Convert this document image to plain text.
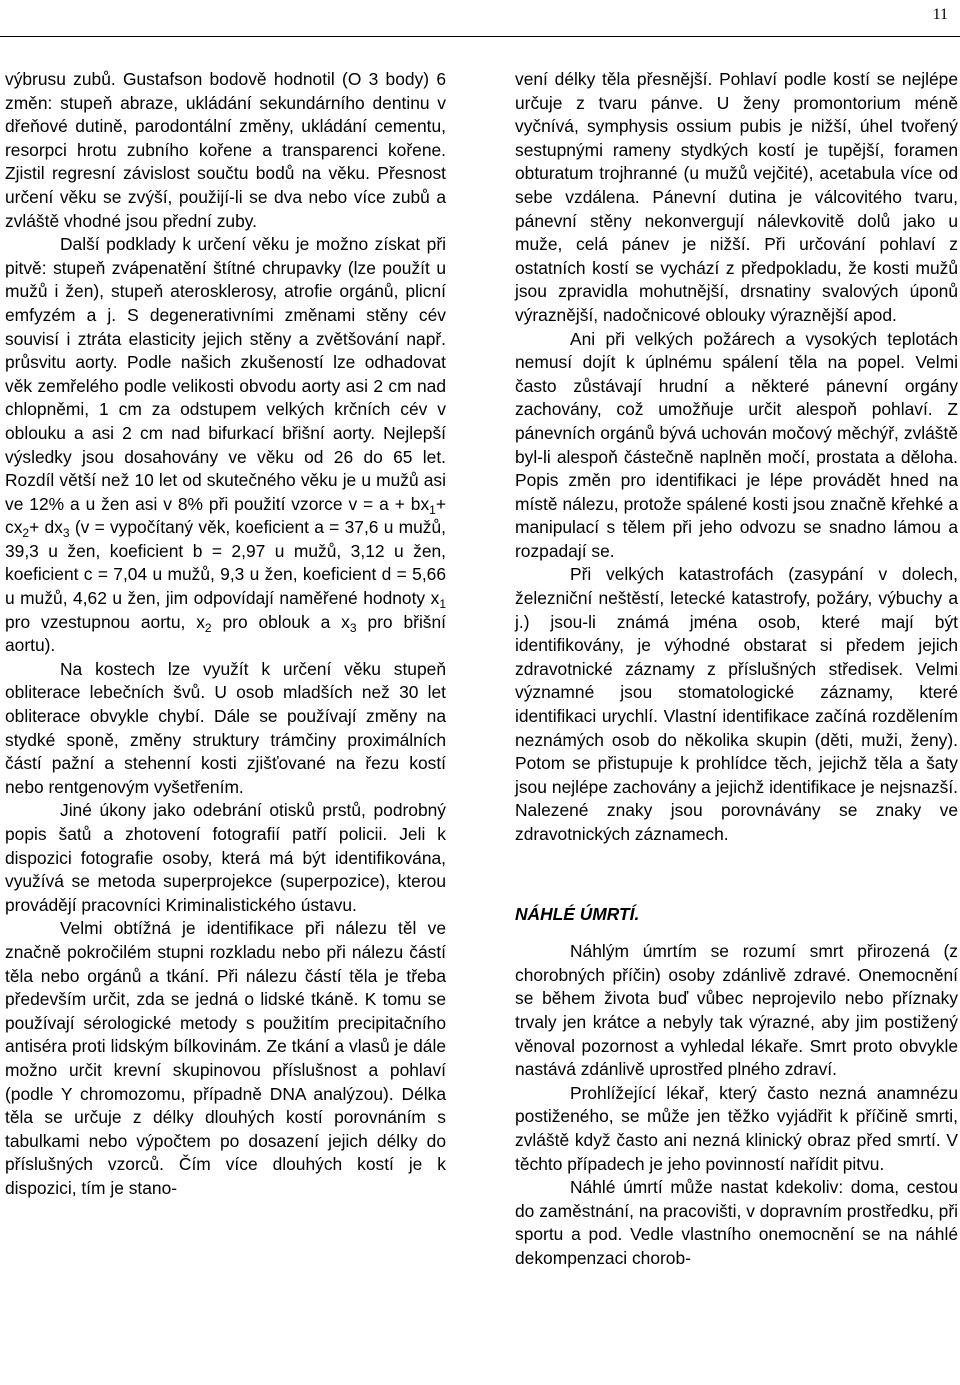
11

výbrusu zubů. Gustafson bodově hodnotil (O 3 body) 6 změn: stupeň abraze, ukládání sekundárního dentinu v dřeňové dutině, parodontální změny, ukládání cementu, resorpci hrotu zubního kořene a transparenci kořene. Zjistil regresní závislost součtu bodů na věku. Přesnost určení věku se zvýší, použijí-li se dva nebo více zubů a zvláště vhodné jsou přední zuby.

Další podklady k určení věku je možno získat při pitvě: stupeň zvápenatění štítné chrupavky (lze použít u mužů i žen), stupeň aterosklerosy, atrofie orgánů, plicní emfyzém a j. S degenerativními změnami stěny cév souvisí i ztráta elasticity jejich stěny a zvětšování např. průsvitu aorty. Podle našich zkušeností lze odhadovat věk zemřelého podle velikosti obvodu aorty asi 2 cm nad chlopněmi, 1 cm za odstupem velkých krčních cév v oblouku a asi 2 cm nad bifurkací břišní aorty. Nejlepší výsledky jsou dosahovány ve věku od 26 do 65 let. Rozdíl větší než 10 let od skutečného věku je u mužů asi ve 12% a u žen asi v 8% při použití vzorce $v = a + bx_1+ cx_2+ dx_3$ (v = vypočítaný věk, koeficient a = 37,6 u mužů, 39,3 u žen, koeficient b = 2,97 u mužů, 3,12 u žen, koeficient c = 7,04 u mužů, 9,3 u žen, koeficient d = 5,66 u mužů, 4,62 u žen, jim odpovídají naměřené hodnoty $x_1$ pro vzestupnou aortu, $x_2$ pro oblouk a $x_3$ pro břišní aortu).

Na kostech lze využít k určení věku stupeň obliterace lebečních švů. U osob mladších než 30 let obliterace obvykle chybí. Dále se používají změny na stydké sponě, změny struktury trámčiny proximálních částí pažní a stehenní kosti zjišťované na řezu kostí nebo rentgenovým vyšetřením.

Jiné úkony jako odebrání otisků prstů, podrobný popis šatů a zhotovení fotografií patří policii. Jeli k dispozici fotografie osoby, která má být identifikována, využívá se metoda superprojekce (superpozice), kterou provádějí pracovníci Kriminalistického ústavu.

Velmi obtížná je identifikace při nálezu těl ve značně pokročilém stupni rozkladu nebo při nálezu částí těla nebo orgánů a tkání. Při nálezu částí těla je třeba především určit, zda se jedná o lidské tkáně. K tomu se používají sérologické metody s použitím precipitačního antiséra proti lidským bílkovinám. Ze tkání a vlasů je dále možno určit krevní skupinovou příslušnost a pohlaví (podle Y chromozomu, případně DNA analýzou). Délka těla se určuje z délky dlouhých kostí porovnáním s tabulkami nebo výpočtem po dosazení jejich délky do příslušných vzorců. Čím více dlouhých kostí je k dispozici, tím je stano-

vení délky těla přesnější. Pohlaví podle kostí se nejlépe určuje z tvaru pánve. U ženy promontorium méně vyčnívá, symphysis ossium pubis je nižší, úhel tvořený sestupnými rameny stydkých kostí je tupější, foramen obturatum trojhranné (u mužů vejčité), acetabula více od sebe vzdálena. Pánevní dutina je válcovitého tvaru, pánevní stěny nekonvergují nálevkovitě dolů jako u muže, celá pánev je nižší. Při určování pohlaví z ostatních kostí se vychází z předpokladu, že kosti mužů jsou zpravidla mohutnější, drsnatiny svalových úponů výraznější, nadočnicové oblouky výraznější apod.

Ani při velkých požárech a vysokých teplotách nemusí dojít k úplnému spálení těla na popel. Velmi často zůstávají hrudní a některé pánevní orgány zachovány, což umožňuje určit alespoň pohlaví. Z pánevních orgánů bývá uchován močový měchýř, zvláště byl-li alespoň částečně naplněn močí, prostata a děloha. Popis změn pro identifikaci je lépe provádět hned na místě nálezu, protože spálené kosti jsou značně křehké a manipulací s tělem při jeho odvozu se snadno lámou a rozpadají se.

Při velkých katastrofách (zasypání v dolech, železniční neštěstí, letecké katastrofy, požáry, výbuchy a j.) jsou-li známá jména osob, které mají být identifikovány, je výhodné obstarat si předem jejich zdravotnické záznamy z příslušných středisek. Velmi významné jsou stomatologické záznamy, které identifikaci urychlí. Vlastní identifikace začíná rozdělením neznámých osob do několika skupin (děti, muži, ženy). Potom se přistupuje k prohlídce těch, jejichž těla a šaty jsou nejlépe zachovány a jejichž identifikace je nejsnazší. Nalezené znaky jsou porovnávány se znaky ve zdravotnických záznamech.

NÁHLÉ ÚMRTÍ.

Náhlým úmrtím se rozumí smrt přirozená (z chorobných příčin) osoby zdánlivě zdravé. Onemocnění se během života buď vůbec neprojevilo nebo příznaky trvaly jen krátce a nebyly tak výrazné, aby jim postižený věnoval pozornost a vyhledal lékaře. Smrt proto obvykle nastává zdánlivě uprostřed plného zdraví.

Prohlížející lékař, který často nezná anamnézu postiženého, se může jen těžko vyjádřit k příčině smrti, zvláště když často ani nezná klinický obraz před smrtí. V těchto případech je jeho povinností nařídit pitvu.

Náhlé úmrtí může nastat kdekoliv: doma, cestou do zaměstnání, na pracovišti, v dopravním prostředku, při sportu a pod. Vedle vlastního onemocnění se na náhlé dekompenzaci chorob-
